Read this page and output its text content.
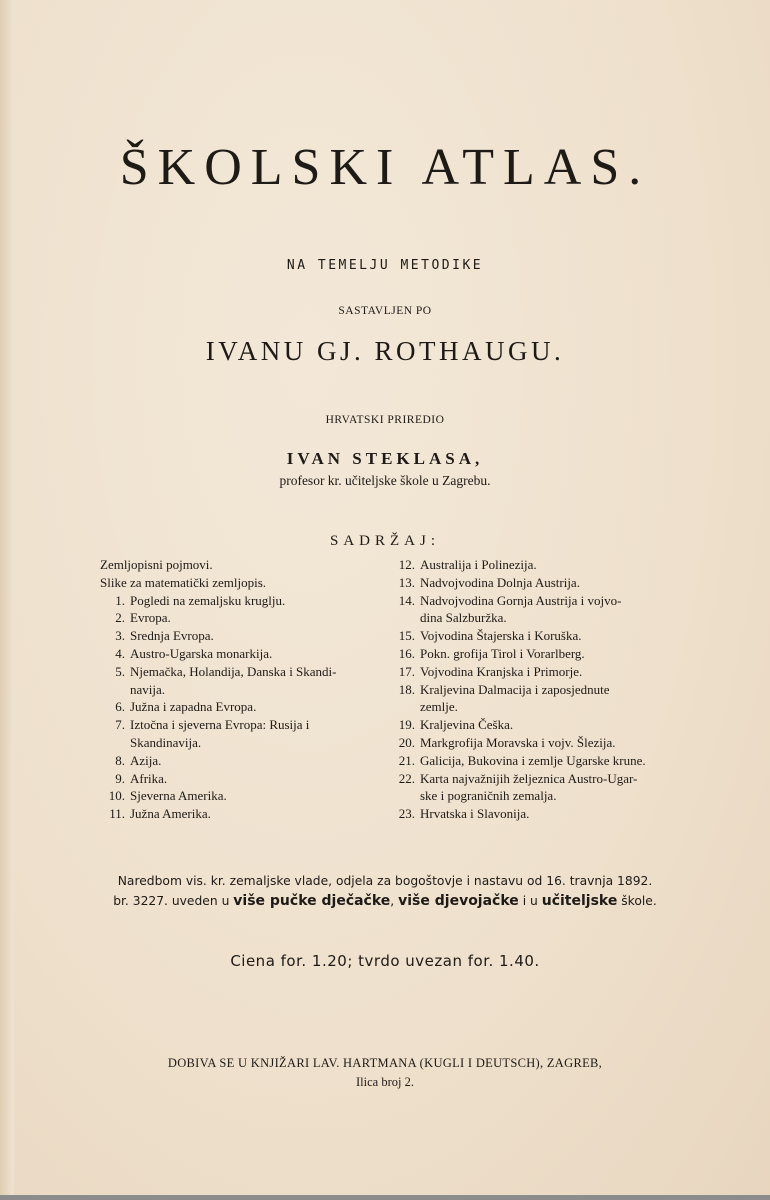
ŠKOLSKI ATLAS.
NA TEMELJU METODIKE
SASTAVLJEN PO
IVANU GJ. ROTHAUGU.
HRVATSKI PRIREDIO
IVAN STEKLASA,
profesor kr. učiteljske škole u Zagrebu.
SADRŽAJ:
Zemljopisni pojmovi.
Slike za matematički zemljopis.
1. Pogledi na zemaljsku kruglju.
2. Evropa.
3. Srednja Evropa.
4. Austro-Ugarska monarkija.
5. Njemačka, Holandija, Danska i Skandi-
navija.
6. Južna i zapadna Evropa.
7. Iztočna i sjeverna Evropa: Rusija i
Skandinavija.
8. Azija.
9. Afrika.
10. Sjeverna Amerika.
11. Južna Amerika.
12. Australija i Polinezija.
13. Nadvojvodina Dolnja Austrija.
14. Nadvojvodina Gornja Austrija i vojvo-
dina Salzburžka.
15. Vojvodina Štajerska i Koruška.
16. Pokn. grofija Tirol i Vorarlberg.
17. Vojvodina Kranjska i Primorje.
18. Kraljevina Dalmacija i zaposjednute
zemlje.
19. Kraljevina Češka.
20. Markgrofija Moravska i vojv. Šlezija.
21. Galicija, Bukovina i zemlje Ugarske krune.
22. Karta najvažnijih željeznica Austro-Ugar-
ske i pograničnih zemalja.
23. Hrvatska i Slavonija.
Naredbom vis. kr. zemaljske vlade, odjela za bogoštovje i nastavu od 16. travnja 1892.
br. 3227. uveden u više pučke dječačke, više djevojačke i u učiteljske škole.
Ciena for. 1.20; tvrdo uvezan for. 1.40.
DOBIVA SE U KNJIŽARI LAV. HARTMANA (KUGLI I DEUTSCH), ZAGREB,
Ilica broj 2.
